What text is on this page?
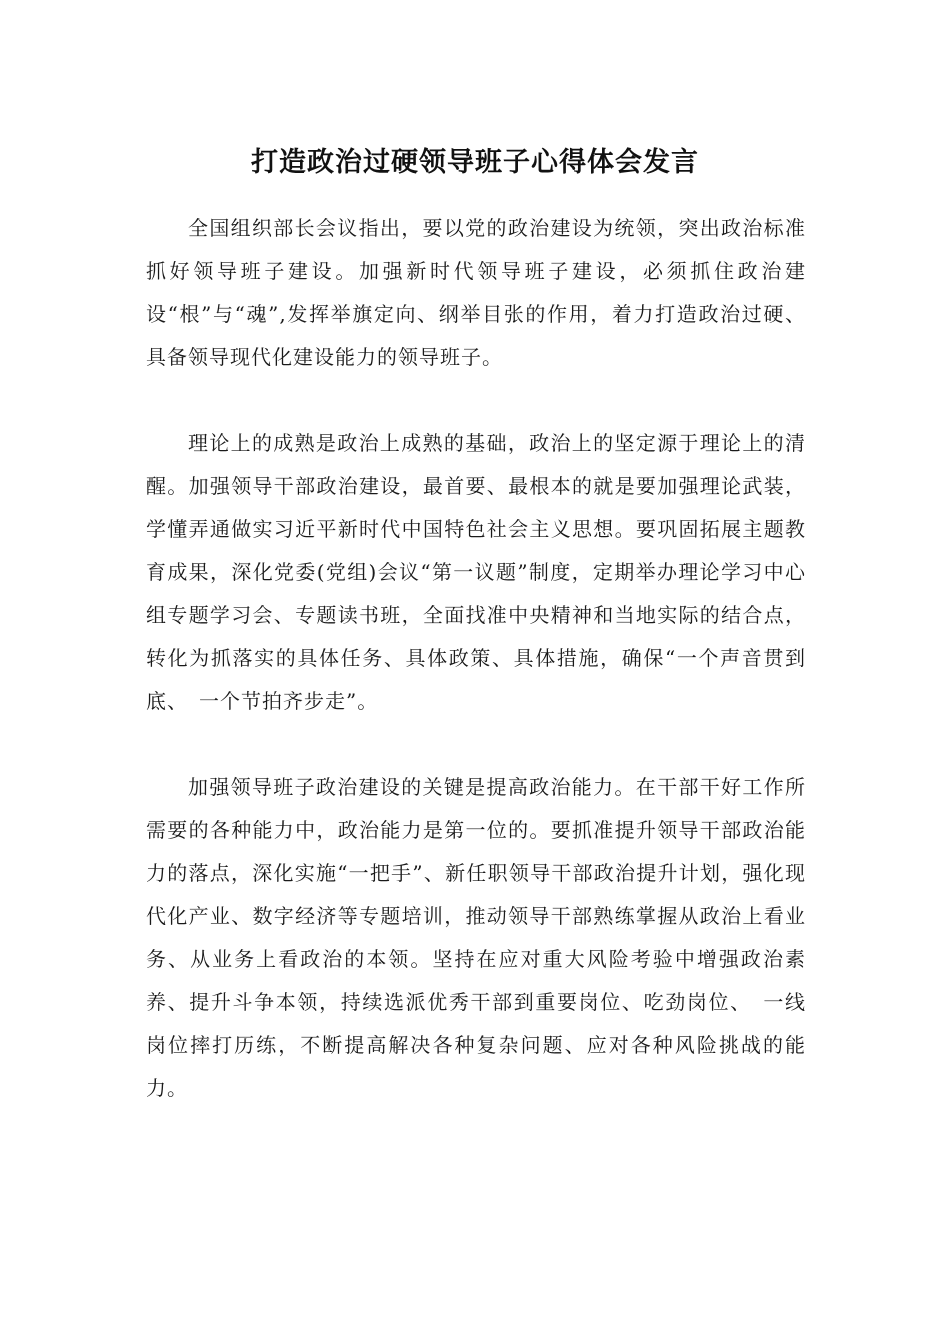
打造政治过硬领导班子心得体会发言

全国组织部长会议指出，要以党的政治建设为统领，突出政治标准抓好领导班子建设。加强新时代领导班子建设，必须抓住政治建设“根”与“魂”,发挥举旗定向、纲举目张的作用，着力打造政治过硬、具备领导现代化建设能力的领导班子。

理论上的成熟是政治上成熟的基础，政治上的坚定源于理论上的清醒。加强领导干部政治建设，最首要、最根本的就是要加强理论武装，学懂弄通做实习近平新时代中国特色社会主义思想。要巩固拓展主题教育成果，深化党委(党组)会议“第一议题”制度，定期举办理论学习中心组专题学习会、专题读书班，全面找准中央精神和当地实际的结合点，转化为抓落实的具体任务、具体政策、具体措施，确保“一个声音贯到底、　一个节拍齐步走”。

加强领导班子政治建设的关键是提高政治能力。在干部干好工作所需要的各种能力中，政治能力是第一位的。要抓准提升领导干部政治能力的落点，深化实施“一把手”、新任职领导干部政治提升计划，强化现代化产业、数字经济等专题培训，推动领导干部熟练掌握从政治上看业务、从业务上看政治的本领。坚持在应对重大风险考验中增强政治素养、提升斗争本领，持续选派优秀干部到重要岗位、吃劲岗位、　一线岗位摔打历练，不断提高解决各种复杂问题、应对各种风险挑战的能力。
